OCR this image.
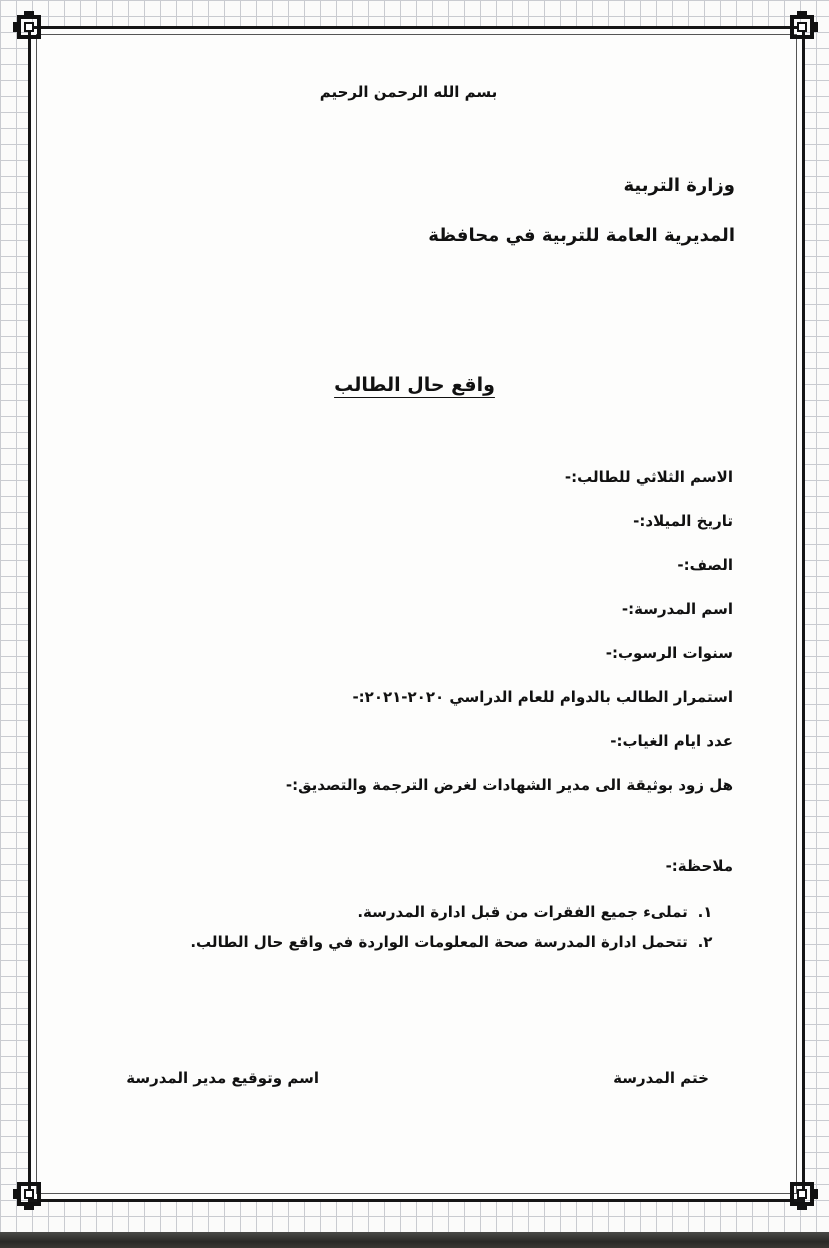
بسم الله الرحمن الرحيم
وزارة التربية
المديرية العامة للتربية في محافظة
واقع حال الطالب
الاسم الثلاثي للطالب:-
تاريخ الميلاد:-
الصف:-
اسم المدرسة:-
سنوات الرسوب:-
استمرار الطالب بالدوام للعام الدراسي ٢٠٢٠-٢٠٢١:-
عدد ايام الغياب:-
هل زود بوثيقة الى مدير الشهادات لغرض الترجمة والتصديق:-
ملاحظة:-
١. تملىء جميع الفقرات من قبل ادارة المدرسة.
٢. تتحمل ادارة المدرسة صحة المعلومات الواردة في واقع حال الطالب.
ختم المدرسة
اسم وتوقيع مدير المدرسة
